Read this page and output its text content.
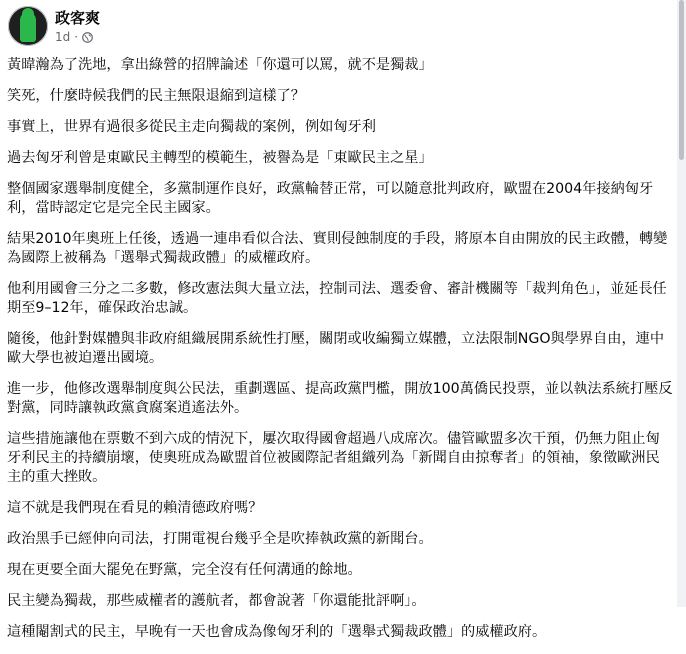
政客爽
1d ·

黃暐瀚為了洗地，拿出綠營的招牌論述「你還可以罵，就不是獨裁」

笑死，什麼時候我們的民主無限退縮到這樣了？

事實上，世界有過很多從民主走向獨裁的案例，例如匈牙利

過去匈牙利曾是東歐民主轉型的模範生，被譽為是「東歐民主之星」

整個國家選舉制度健全，多黨制運作良好，政黨輪替正常，可以隨意批判政府，歐盟在2004年接納匈牙利，當時認定它是完全民主國家。

結果2010年奧班上任後，透過一連串看似合法、實則侵蝕制度的手段，將原本自由開放的民主政體，轉變為國際上被稱為「選舉式獨裁政體」的威權政府。

他利用國會三分之二多數，修改憲法與大量立法，控制司法、選委會、審計機關等「裁判角色」，並延長任期至9–12年，確保政治忠誠。

隨後，他針對媒體與非政府組織展開系統性打壓，關閉或收編獨立媒體，立法限制NGO與學界自由，連中歐大學也被迫遷出國境。

進一步，他修改選舉制度與公民法，重劃選區、提高政黨門檻，開放100萬僑民投票，並以執法系統打壓反對黨，同時讓執政黨貪腐案逍遙法外。

這些措施讓他在票數不到六成的情況下，屢次取得國會超過八成席次。儘管歐盟多次干預，仍無力阻止匈牙利民主的持續崩壞，使奧班成為歐盟首位被國際記者組織列為「新聞自由掠奪者」的領袖，象徵歐洲民主的重大挫敗。

這不就是我們現在看見的賴清德政府嗎？

政治黑手已經伸向司法，打開電視台幾乎全是吹捧執政黨的新聞台。

現在更要全面大罷免在野黨，完全沒有任何溝通的餘地。

民主變為獨裁，那些威權者的護航者，都會說著「你還能批評啊」。

這種閹割式的民主，早晚有一天也會成為像匈牙利的「選舉式獨裁政體」的威權政府。
